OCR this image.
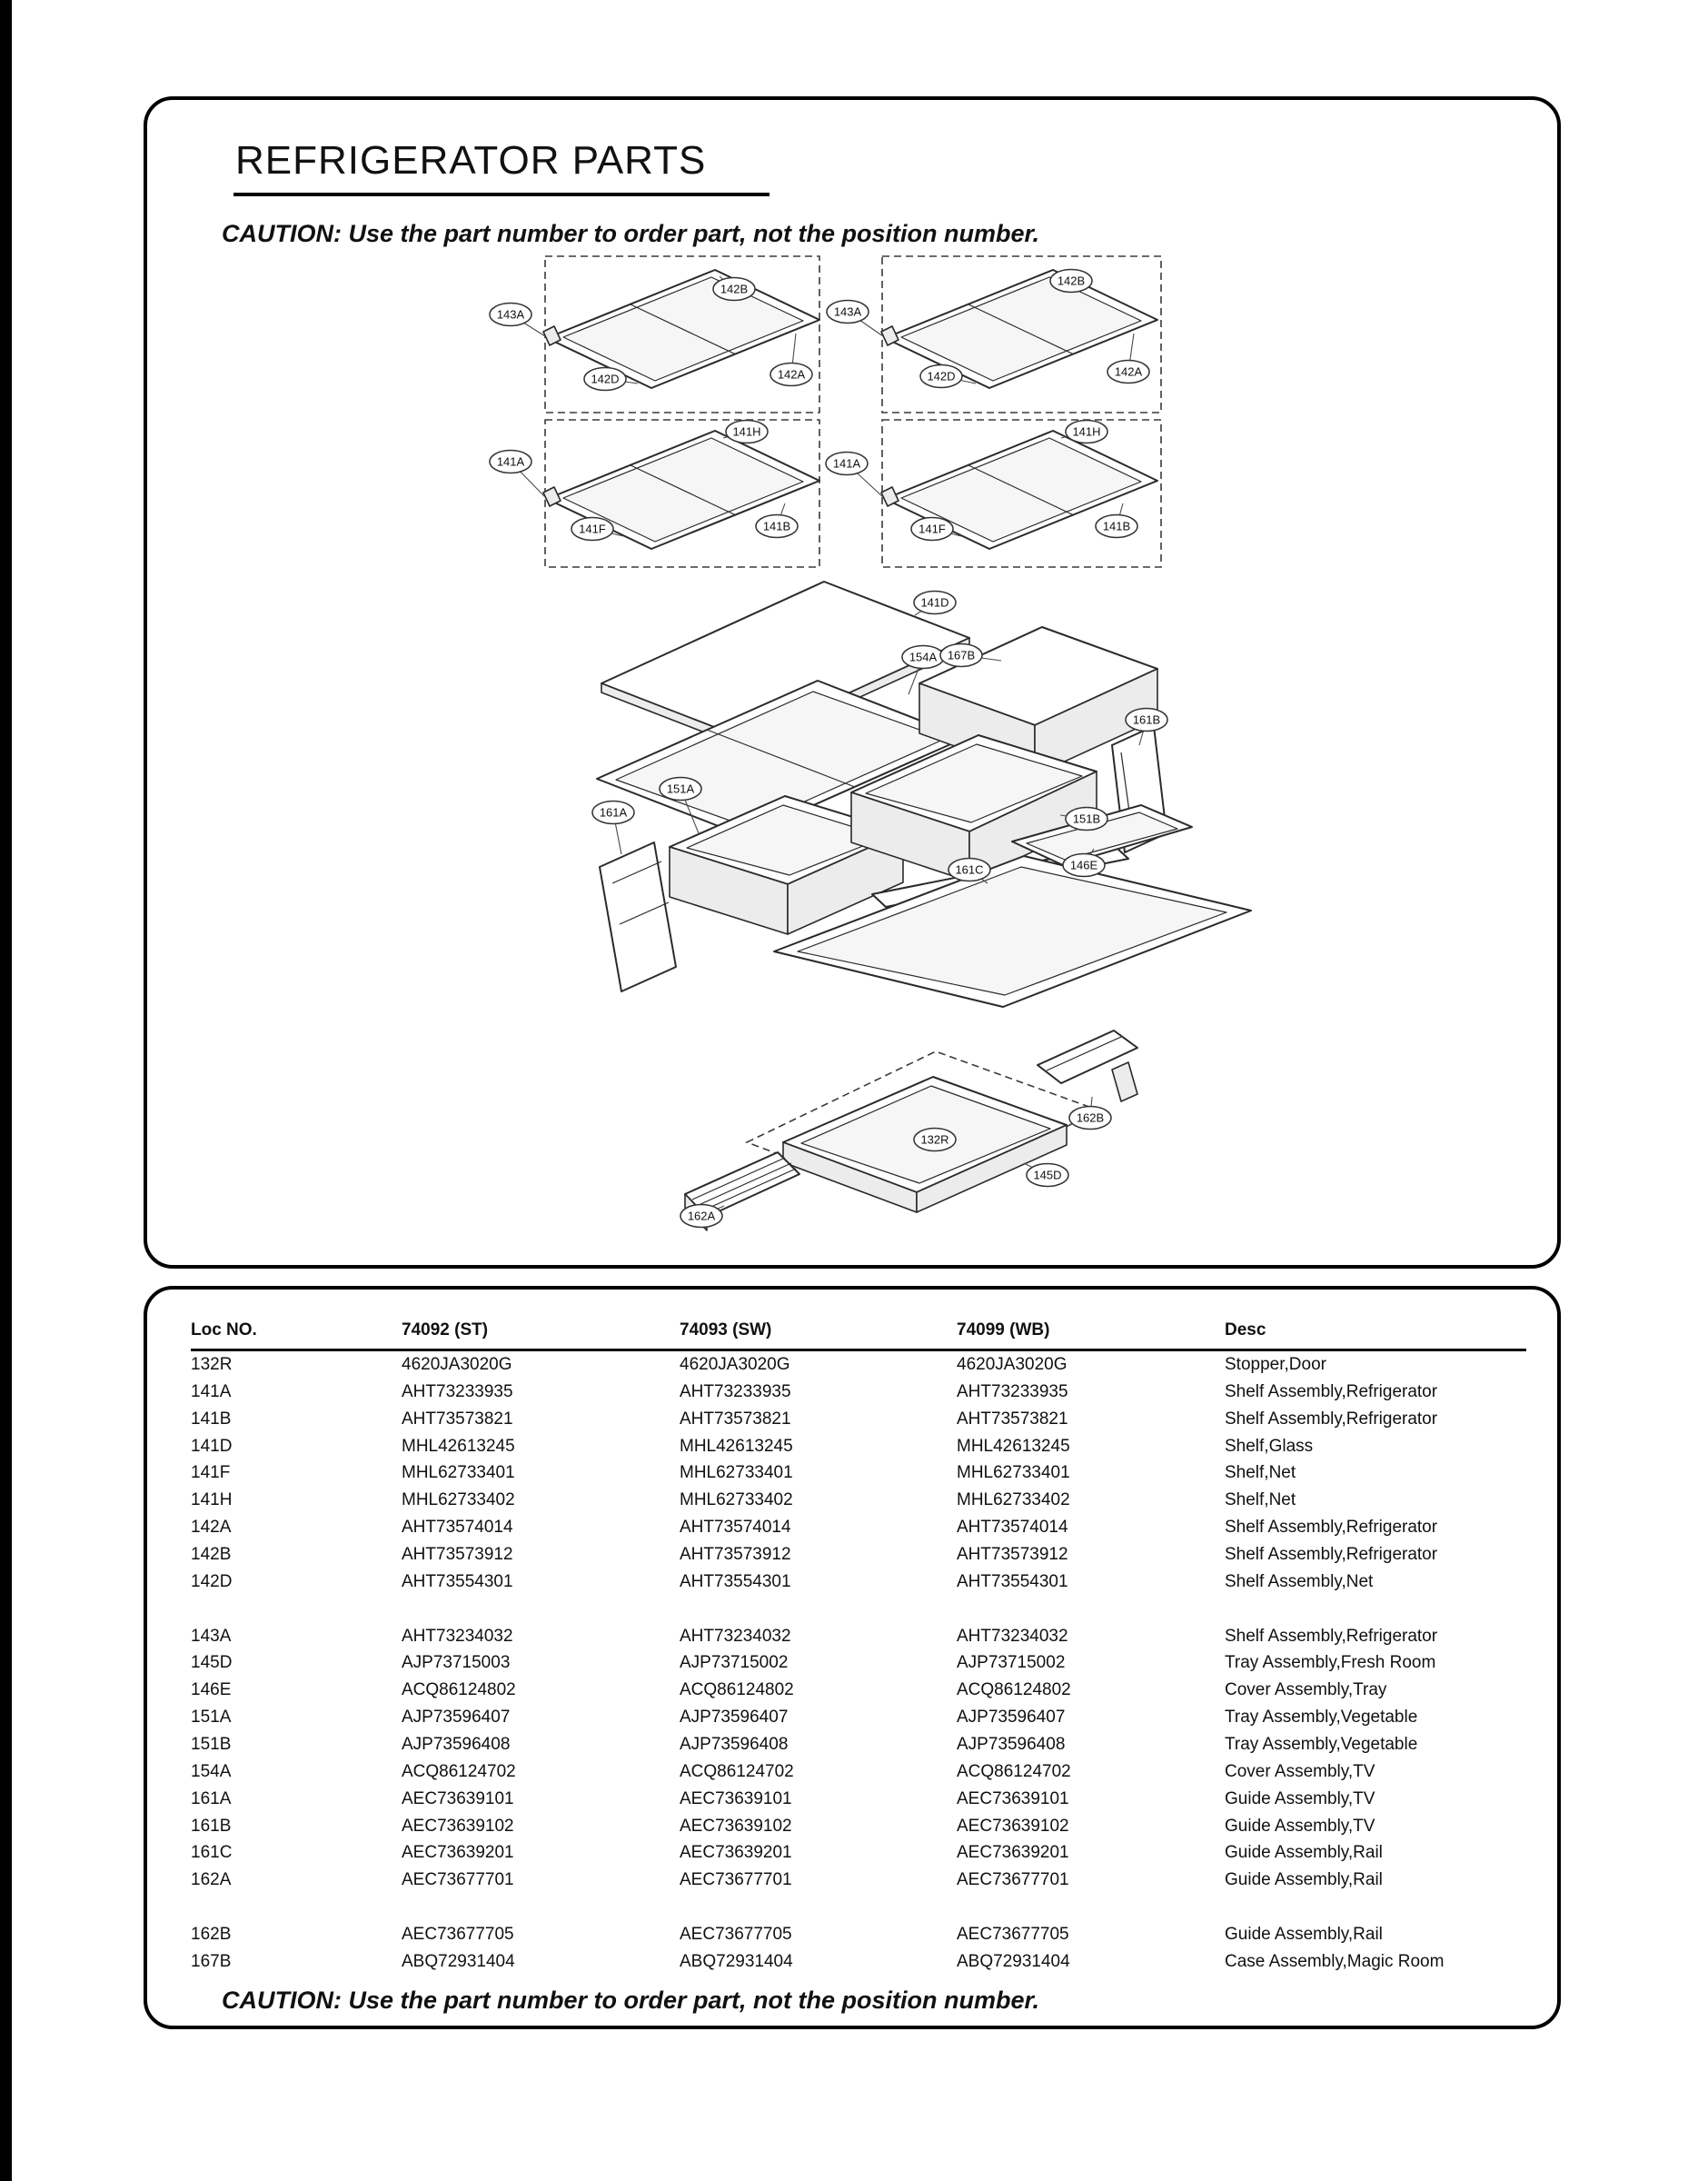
REFRIGERATOR PARTS
CAUTION: Use the part number to order part, not the position number.
143A
142B
142D	142A
143A
142B
142D	142A
141A
141H
141F	141B
141A
141H
141F	141B
141D
154A 167B
161B
151A
161A	151B
161C	146E
162B
132R
145D
162A
Loc NO.	74092 (ST)	74093 (SW)	74099 (WB)	Desc
132R	4620JA3020G	4620JA3020G	4620JA3020G	Stopper,Door
141A	AHT73233935	AHT73233935	AHT73233935	Shelf Assembly,Refrigerator
141B	AHT73573821	AHT73573821	AHT73573821	Shelf Assembly,Refrigerator
141D	MHL42613245	MHL42613245	MHL42613245	Shelf,Glass
141F	MHL62733401	MHL62733401	MHL62733401	Shelf,Net
141H	MHL62733402	MHL62733402	MHL62733402	Shelf,Net
142A	AHT73574014	AHT73574014	AHT73574014	Shelf Assembly,Refrigerator
142B	AHT73573912	AHT73573912	AHT73573912	Shelf Assembly,Refrigerator
142D	AHT73554301	AHT73554301	AHT73554301	Shelf Assembly,Net

143A	AHT73234032	AHT73234032	AHT73234032	Shelf Assembly,Refrigerator
145D	AJP73715003	AJP73715002	AJP73715002	Tray Assembly,Fresh Room
146E	ACQ86124802	ACQ86124802	ACQ86124802	Cover Assembly,Tray
151A	AJP73596407	AJP73596407	AJP73596407	Tray Assembly,Vegetable
151B	AJP73596408	AJP73596408	AJP73596408	Tray Assembly,Vegetable
154A	ACQ86124702	ACQ86124702	ACQ86124702	Cover Assembly,TV
161A	AEC73639101	AEC73639101	AEC73639101	Guide Assembly,TV
161B	AEC73639102	AEC73639102	AEC73639102	Guide Assembly,TV
161C	AEC73639201	AEC73639201	AEC73639201	Guide Assembly,Rail
162A	AEC73677701	AEC73677701	AEC73677701	Guide Assembly,Rail

162B	AEC73677705	AEC73677705	AEC73677705	Guide Assembly,Rail
167B	ABQ72931404	ABQ72931404	ABQ72931404	Case Assembly,Magic Room
CAUTION: Use the part number to order part, not the position number.
